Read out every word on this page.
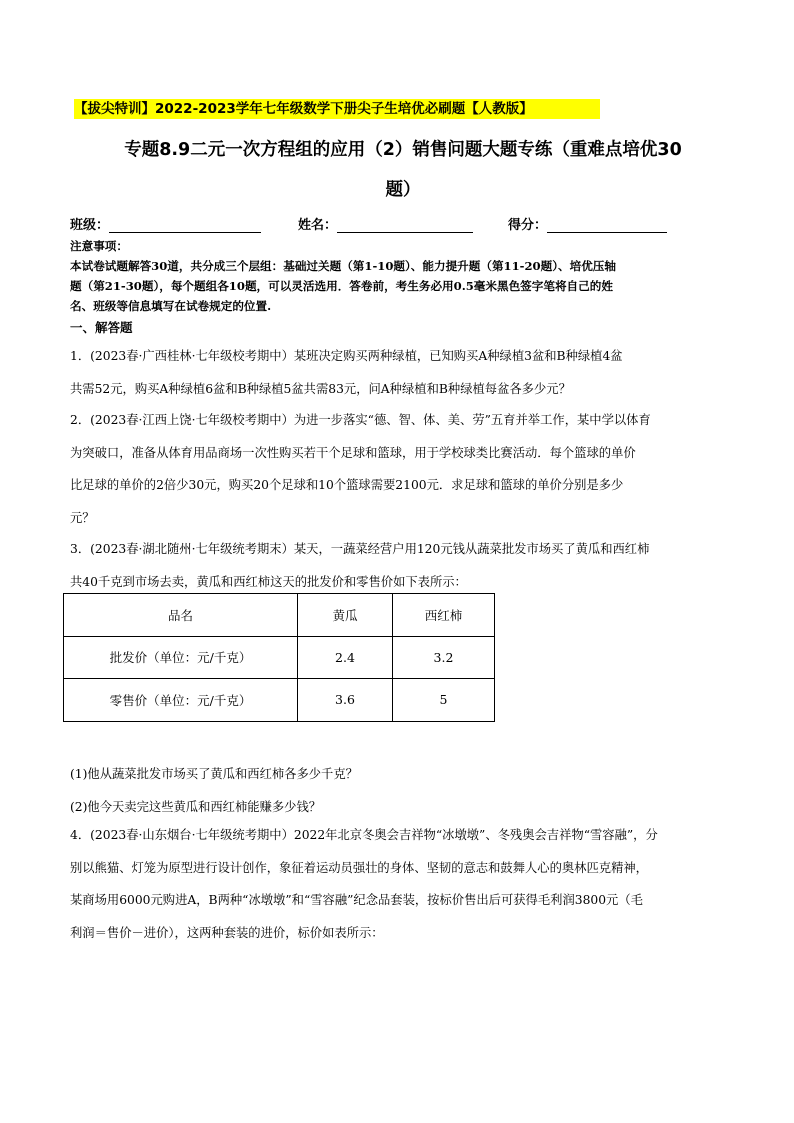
【拔尖特训】2022-2023学年七年级数学下册尖子生培优必刷题【人教版】
专题8.9二元一次方程组的应用（2）销售问题大题专练（重难点培优30
题）
班级：	姓名：	得分：

注意事项：

本试卷试题解答30道，共分成三个层组：基础过关题（第1-10题）、能力提升题（第11-20题）、培优压轴

题（第21-30题），每个题组各10题，可以灵活选用．答卷前，考生务必用0.5毫米黑色签字笔将自己的姓

名、班级等信息填写在试卷规定的位置.

一、解答题

1．(2023春·广西桂林·七年级校考期中）某班决定购买两种绿植，已知购买A种绿植3盆和B种绿植4盆

共需52元，购买A种绿植6盆和B种绿植5盆共需83元，问A种绿植和B种绿植每盆各多少元？

2．(2023春·江西上饶·七年级校考期中）为进一步落实“德、智、体、美、劳”五育并举工作，某中学以体育

为突破口，准备从体育用品商场一次性购买若干个足球和篮球，用于学校球类比赛活动．每个篮球的单价

比足球的单价的2倍少30元，购买20个足球和10个篮球需要2100元．求足球和篮球的单价分别是多少

元？

3．(2023春·湖北随州·七年级统考期末）某天，一蔬菜经营户用120元钱从蔬菜批发市场买了黄瓜和西红柿

共40千克到市场去卖，黄瓜和西红柿这天的批发价和零售价如下表所示：

品名	黄瓜	西红柿
批发价（单位：元/千克）	2.4	3.2
零售价（单位：元/千克）	3.6	5

(1)他从蔬菜批发市场买了黄瓜和西红柿各多少千克？

(2)他今天卖完这些黄瓜和西红柿能赚多少钱？

4．(2023春·山东烟台·七年级统考期中）2022年北京冬奥会吉祥物“冰墩墩”、冬残奥会吉祥物“雪容融”，分

别以熊猫、灯笼为原型进行设计创作，象征着运动员强壮的身体、坚韧的意志和鼓舞人心的奥林匹克精神，

某商场用6000元购进A，B两种“冰墩墩”和“雪容融”纪念品套装，按标价售出后可获得毛利润3800元（毛

利润＝售价－进价），这两种套装的进价，标价如表所示：
